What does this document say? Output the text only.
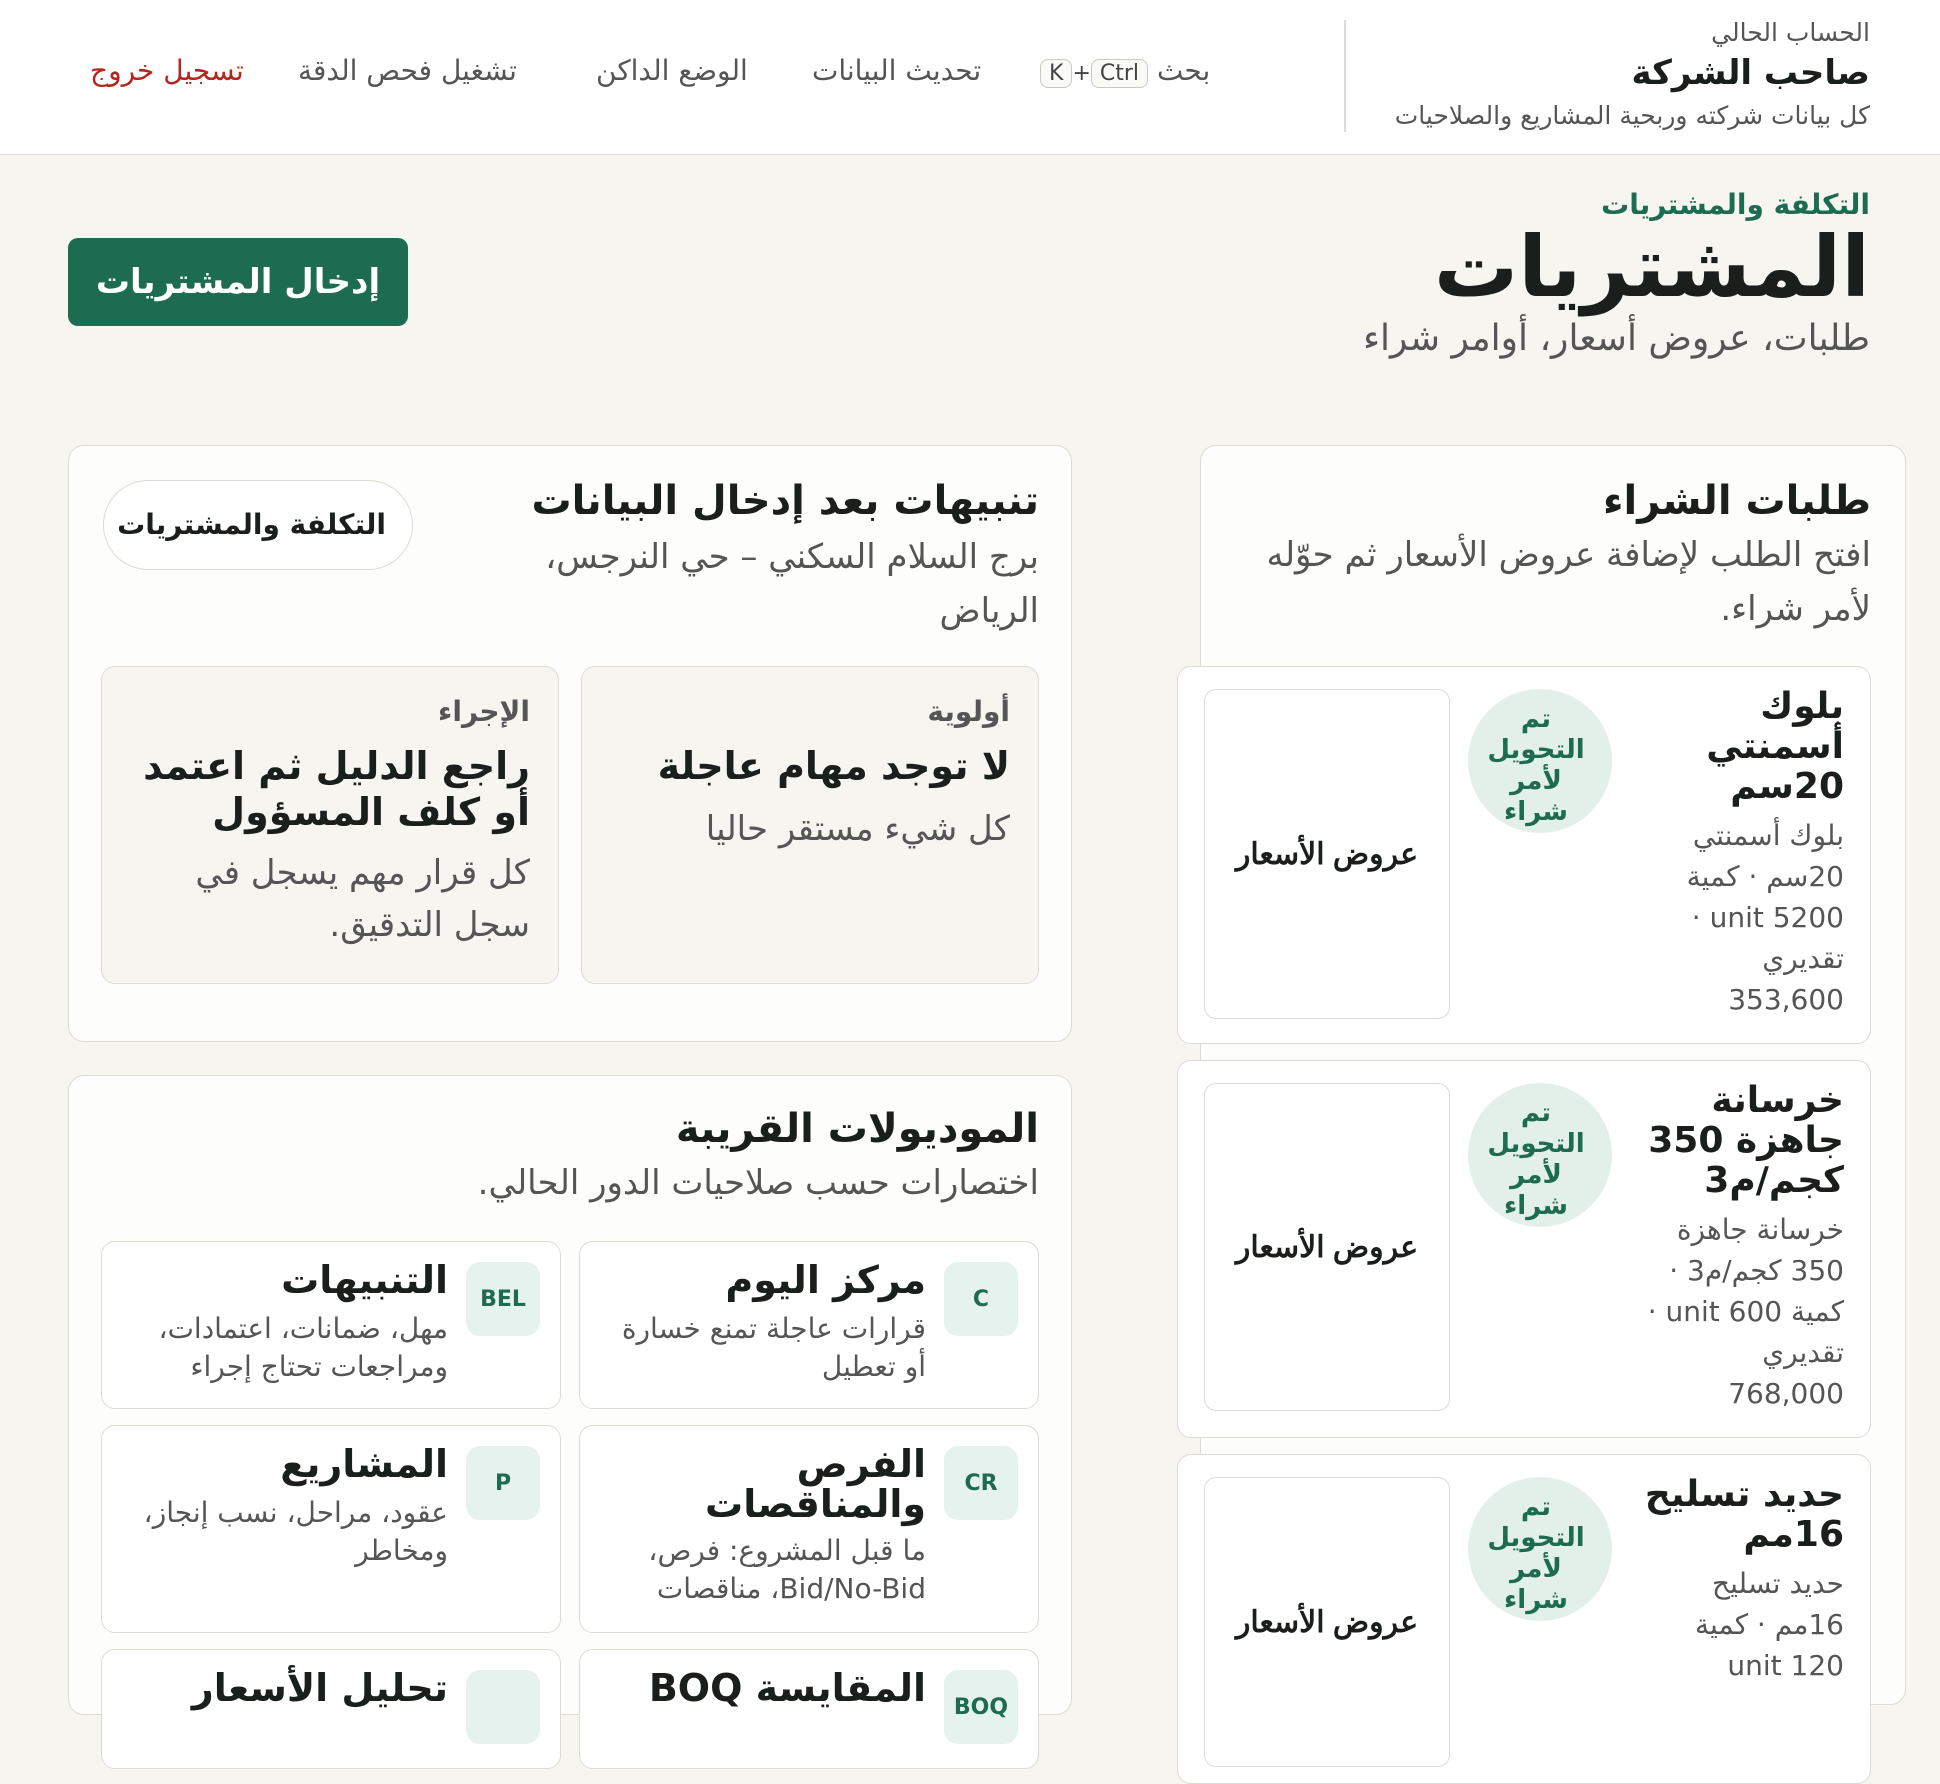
الحساب الحالي
صاحب الشركة
كل بيانات شركته وربحية المشاريع والصلاحيات
بحث Ctrl+K
تحديث البيانات
الوضع الداكن
تشغيل فحص الدقة
تسجيل خروج
التكلفة والمشتريات
المشتريات
طلبات، عروض أسعار، أوامر شراء
إدخال المشتريات
طلبات الشراء
افتح الطلب لإضافة عروض الأسعار ثم حوّله لأمر شراء.
بلوك أسمنتي 20سم
بلوك أسمنتي 20سم · كمية 5200 unit · تقديري 353,600
تم التحويل لأمر شراء
عروض الأسعار
خرسانة جاهزة 350 كجم/م3
خرسانة جاهزة 350 كجم/م3 · كمية 600 unit · تقديري 768,000
تم التحويل لأمر شراء
عروض الأسعار
حديد تسليح 16مم
حديد تسليح 16مم · كمية 120 unit
تم التحويل لأمر شراء
عروض الأسعار
تنبيهات بعد إدخال البيانات
برج السلام السكني – حي النرجس، الرياض
التكلفة والمشتريات
أولوية
لا توجد مهام عاجلة
كل شيء مستقر حاليا
الإجراء
راجع الدليل ثم اعتمد أو كلف المسؤول
كل قرار مهم يسجل في سجل التدقيق.
الموديولات القريبة
اختصارات حسب صلاحيات الدور الحالي.
C
مركز اليوم
قرارات عاجلة تمنع خسارة أو تعطيل
BEL
التنبيهات
مهل، ضمانات، اعتمادات، ومراجعات تحتاج إجراء
CR
الفرص والمناقصات
ما قبل المشروع: فرص، Bid/No-Bid، مناقصات
P
المشاريع
عقود، مراحل، نسب إنجاز، ومخاطر
BOQ
المقايسة BOQ
تحليل الأسعار
